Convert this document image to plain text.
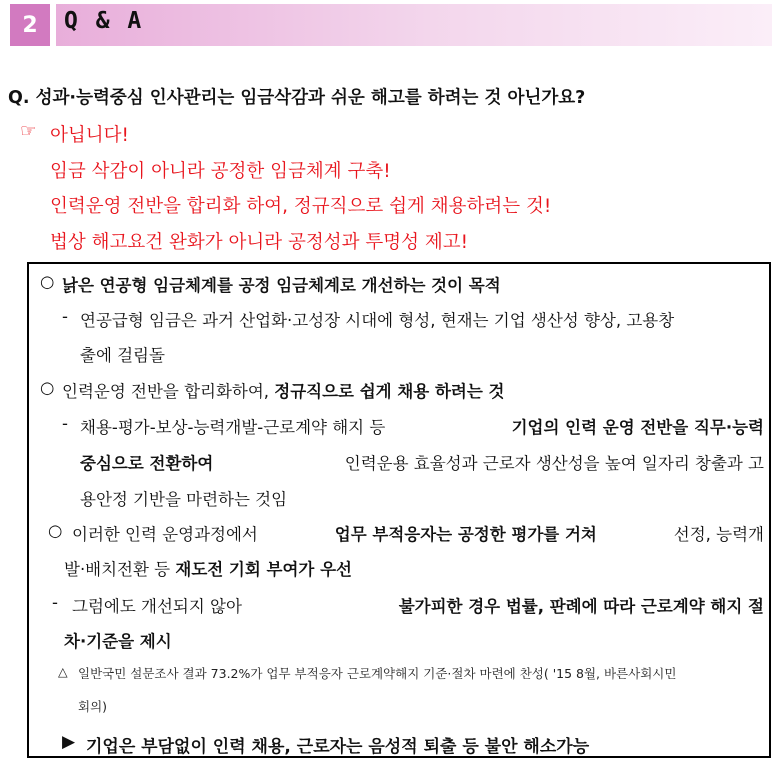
2	Q & A
Q. 성과·능력중심 인사관리는 임금삭감과 쉬운 해고를 하려는 것 아닌가요?
☞ 아닙니다!
임금 삭감이 아니라 공정한 임금체계 구축!
인력운영 전반을 합리화 하여, 정규직으로 쉽게 채용하려는 것!
법상 해고요건 완화가 아니라 공정성과 투명성 제고!
○ 낡은 연공형 임금체계를 공정 임금체계로 개선하는 것이 목적
- 연공급형 임금은 과거 산업화·고성장 시대에 형성, 현재는 기업 생산성 향상, 고용창
출에 걸림돌
○ 인력운영 전반을 합리화하여, 정규직으로 쉽게 채용 하려는 것
- 채용-평가-보상-능력개발-근로계약 해지 등	기업의 인력 운영 전반을 직무·능력
중심으로 전환하여	인력운용 효율성과 근로자 생산성을 높여 일자리 창출과 고
용안정 기반을 마련하는 것임
○ 이러한 인력 운영과정에서	업무 부적응자는 공정한 평가를 거쳐	선정, 능력개
발·배치전환 등 재도전 기회 부여가 우선
- 그럼에도 개선되지 않아	불가피한 경우 법률, 판례에 따라 근로계약 해지 절
차·기준을 제시
△ 일반국민 설문조사 결과 73.2%가 업무 부적응자 근로계약해지 기준·절차 마련에 찬성( '15 8월, 바른사회시민
회의)
▶ 기업은 부담없이 인력 채용, 근로자는 음성적 퇴출 등 불안 해소가능
